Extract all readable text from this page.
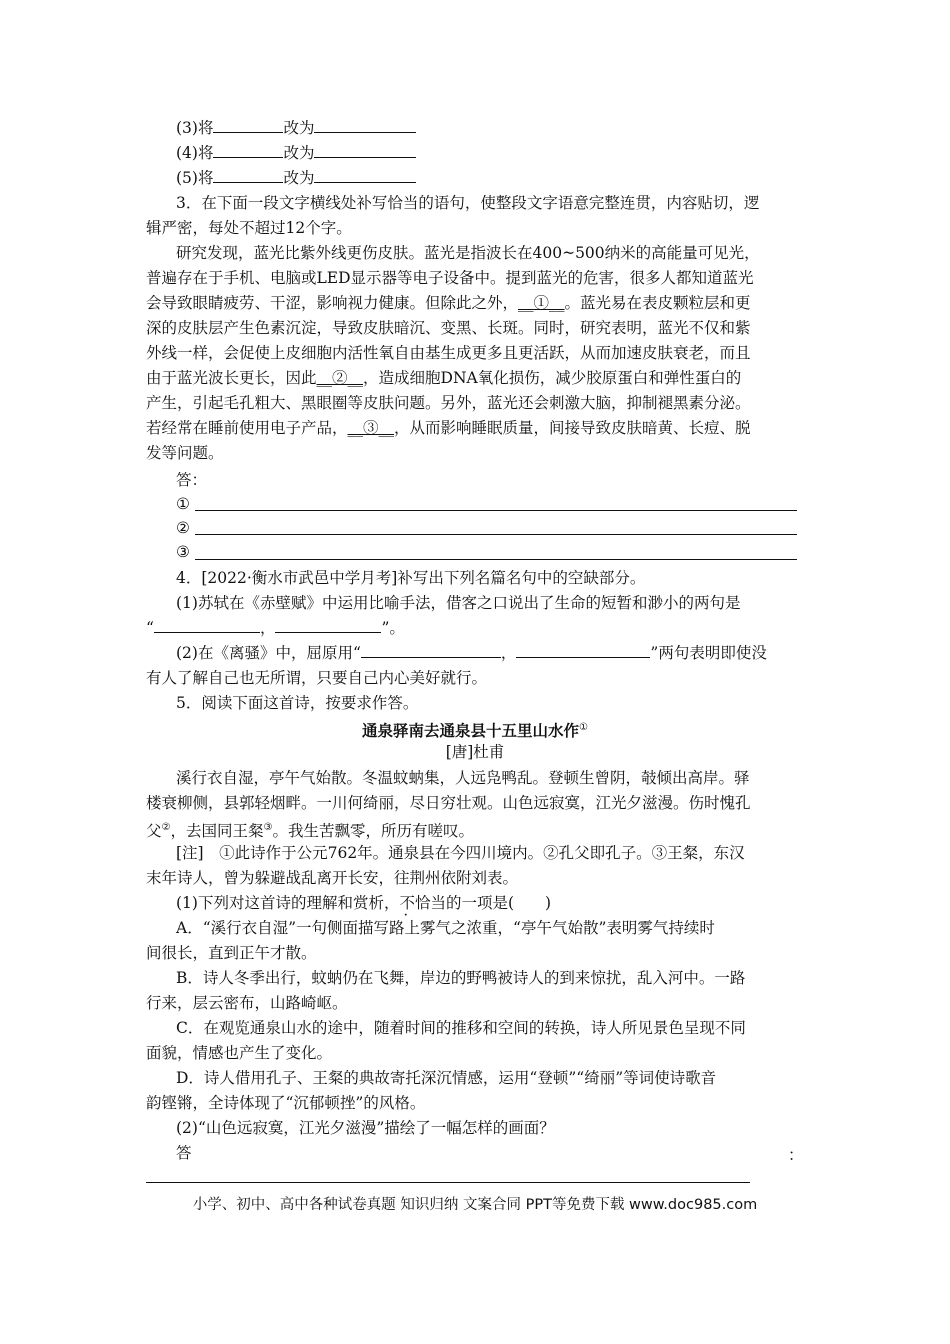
(3)将	改为
(4)将	改为
(5)将	改为
3．在下面一段文字横线处补写恰当的语句，使整段文字语意完整连贯，内容贴切，逻
辑严密，每处不超过12个字。
研究发现，蓝光比紫外线更伤皮肤。蓝光是指波长在400~500纳米的高能量可见光，
普遍存在于手机、电脑或LED显示器等电子设备中。提到蓝光的危害，很多人都知道蓝光
会导致眼睛疲劳、干涩，影响视力健康。但除此之外，__①__。蓝光易在表皮颗粒层和更
深的皮肤层产生色素沉淀，导致皮肤暗沉、变黑、长斑。同时，研究表明，蓝光不仅和紫
外线一样，会促使上皮细胞内活性氧自由基生成更多且更活跃，从而加速皮肤衰老，而且
由于蓝光波长更长，因此__②__，造成细胞DNA氧化损伤，减少胶原蛋白和弹性蛋白的
产生，引起毛孔粗大、黑眼圈等皮肤问题。另外，蓝光还会刺激大脑，抑制褪黑素分泌。
若经常在睡前使用电子产品，__③__，从而影响睡眠质量，间接导致皮肤暗黄、长痘、脱
发等问题。
答：
①
②
③
4．[2022·衡水市武邑中学月考]补写出下列名篇名句中的空缺部分。
(1)苏轼在《赤壁赋》中运用比喻手法，借客之口说出了生命的短暂和渺小的两句是
“	，	”。
(2)在《离骚》中，屈原用“	，	”两句表明即使没
有人了解自己也无所谓，只要自己内心美好就行。
5．阅读下面这首诗，按要求作答。
通泉驿南去通泉县十五里山水作①
[唐]杜甫
溪行衣自湿，亭午气始散。冬温蚊蚋集，人远凫鸭乱。登顿生曾阴，攲倾出高岸。驿
楼衰柳侧，县郭轻烟畔。一川何绮丽，尽日穷壮观。山色远寂寞，江光夕滋漫。伤时愧孔
父②，去国同王粲③。我生苦飘零，所历有嗟叹。
[注]　①此诗作于公元762年。通泉县在今四川境内。②孔父即孔子。③王粲，东汉
末年诗人，曾为躲避战乱离开长安，往荆州依附刘表。
(1)下列对这首诗的理解和赏析，不恰当的一项是(　　)
·
A．“溪行衣自湿”一句侧面描写路上雾气之浓重，“亭午气始散”表明雾气持续时
间很长，直到正午才散。
B．诗人冬季出行，蚊蚋仍在飞舞，岸边的野鸭被诗人的到来惊扰，乱入河中。一路
行来，层云密布，山路崎岖。
C．在观览通泉山水的途中，随着时间的推移和空间的转换，诗人所见景色呈现不同
面貌，情感也产生了变化。
D．诗人借用孔子、王粲的典故寄托深沉情感，运用“登顿”“绮丽”等词使诗歌音
韵铿锵，全诗体现了“沉郁顿挫”的风格。
(2)“山色远寂寞，江光夕滋漫”描绘了一幅怎样的画面？
答	：
小学、初中、高中各种试卷真题 知识归纳 文案合同 PPT等免费下载 www.doc985.com
